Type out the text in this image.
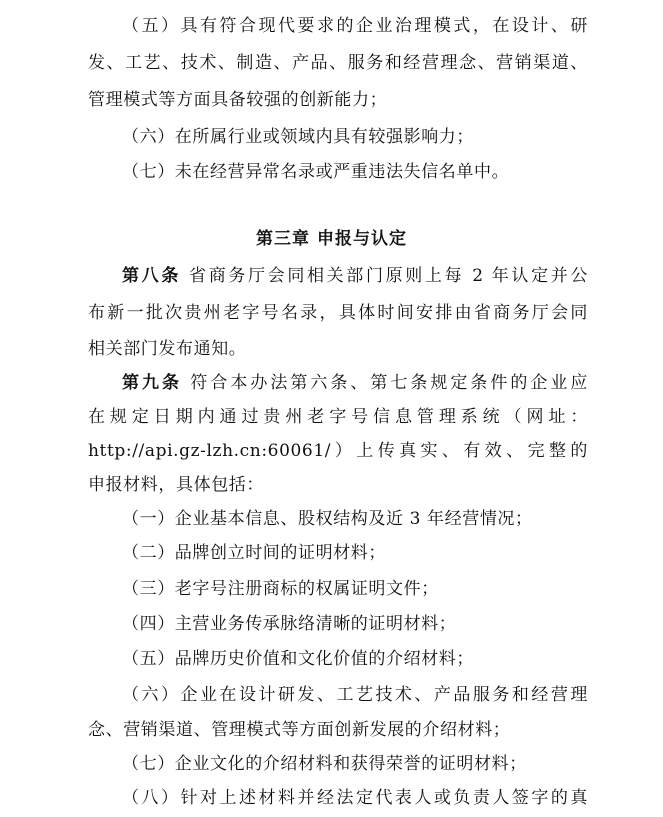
（五）具有符合现代要求的企业治理模式，在设计、研
发、工艺、技术、制造、产品、服务和经营理念、营销渠道、
管理模式等方面具备较强的创新能力；
（六）在所属行业或领域内具有较强影响力；
（七）未在经营异常名录或严重违法失信名单中。
第三章 申报与认定
第八条 省商务厅会同相关部门原则上每 2 年认定并公
布新一批次贵州老字号名录，具体时间安排由省商务厅会同
相关部门发布通知。
第九条 符合本办法第六条、第七条规定条件的企业应
在规定日期内通过贵州老字号信息管理系统（网址：
http://api.gz-lzh.cn:60061/）上传真实、有效、完整的
申报材料，具体包括：
（一）企业基本信息、股权结构及近 3 年经营情况；
（二）品牌创立时间的证明材料；
（三）老字号注册商标的权属证明文件；
（四）主营业务传承脉络清晰的证明材料；
（五）品牌历史价值和文化价值的介绍材料；
（六）企业在设计研发、工艺技术、产品服务和经营理
念、营销渠道、管理模式等方面创新发展的介绍材料；
（七）企业文化的介绍材料和获得荣誉的证明材料；
（八）针对上述材料并经法定代表人或负责人签字的真
